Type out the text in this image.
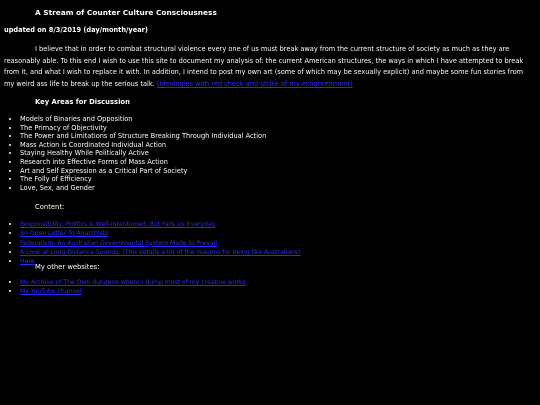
A Stream of Counter Culture Consciousness
updated on 8/3/2019 (day/month/year)

I believe that in order to combat structural violence every one of us must break away from the current structure of society as much as they are reasonably able. To this end I wish to use this site to document my analysis of: the current American structures, the ways in which I have attempted to break from it, and what I wish to replace it with. In addition, I intend to post my own art (some of which may be sexually explicit) and maybe some fun stories from my weird ass life to break up the serious talk. (Ideologies with red check-and-strike of my enlightenment)

Key Areas for Discussion
• Models of Binaries and Opposition
• The Primacy of Objectivity
• The Power and Limitations of Structure Breaking Through Individual Action
• Mass Action is Coordinated Individual Action
• Staying Healthy While Politically Active
• Research into Effective Forms of Mass Action
• Art and Self Expression as a Critical Part of Society
• The Folly of Efficiency
• Love, Sex, and Gender
Content:
• Responsibility, Politics & Well-Intentioned, But Fails Us Everyday
• An Open Letter To Anarchists
• Federalism: An Australian Governmental System Made to Prevail
• A Look at Long-Distance Sounds: (This details a bit of the reasons for being like Australians)
• Here
My other websites:
• My Archive of The Own dungeon where I dump most of my creative works
• My YouTube channel
